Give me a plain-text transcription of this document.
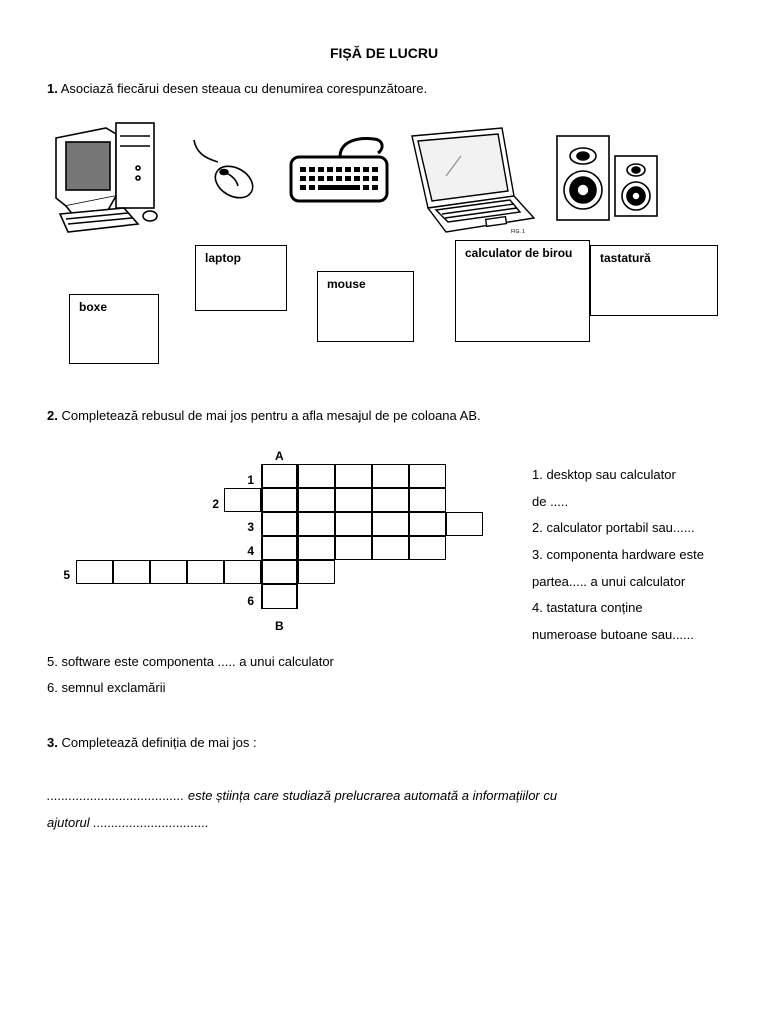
FIȘĂ DE LUCRU
1. Asociază fiecărui desen steaua cu denumirea corespunzătoare.
FIG. 1
laptop
mouse
calculator de birou tastatură
boxe
2. Completează rebusul de mai jos pentru a afla mesajul de pe coloana AB.
A
B
1
2
3
4
5
6
1. desktop sau calculator
de .....
2. calculator portabil sau......
3. componenta hardware este
partea..... a unui calculator
4. tastatura conține
numeroase butoane sau......
5. software este componenta ..... a unui calculator
6. semnul exclamării
3. Completează definiția de mai jos :
...................................... este știința care studiază prelucrarea automată a informațiilor cu
ajutorul ................................
